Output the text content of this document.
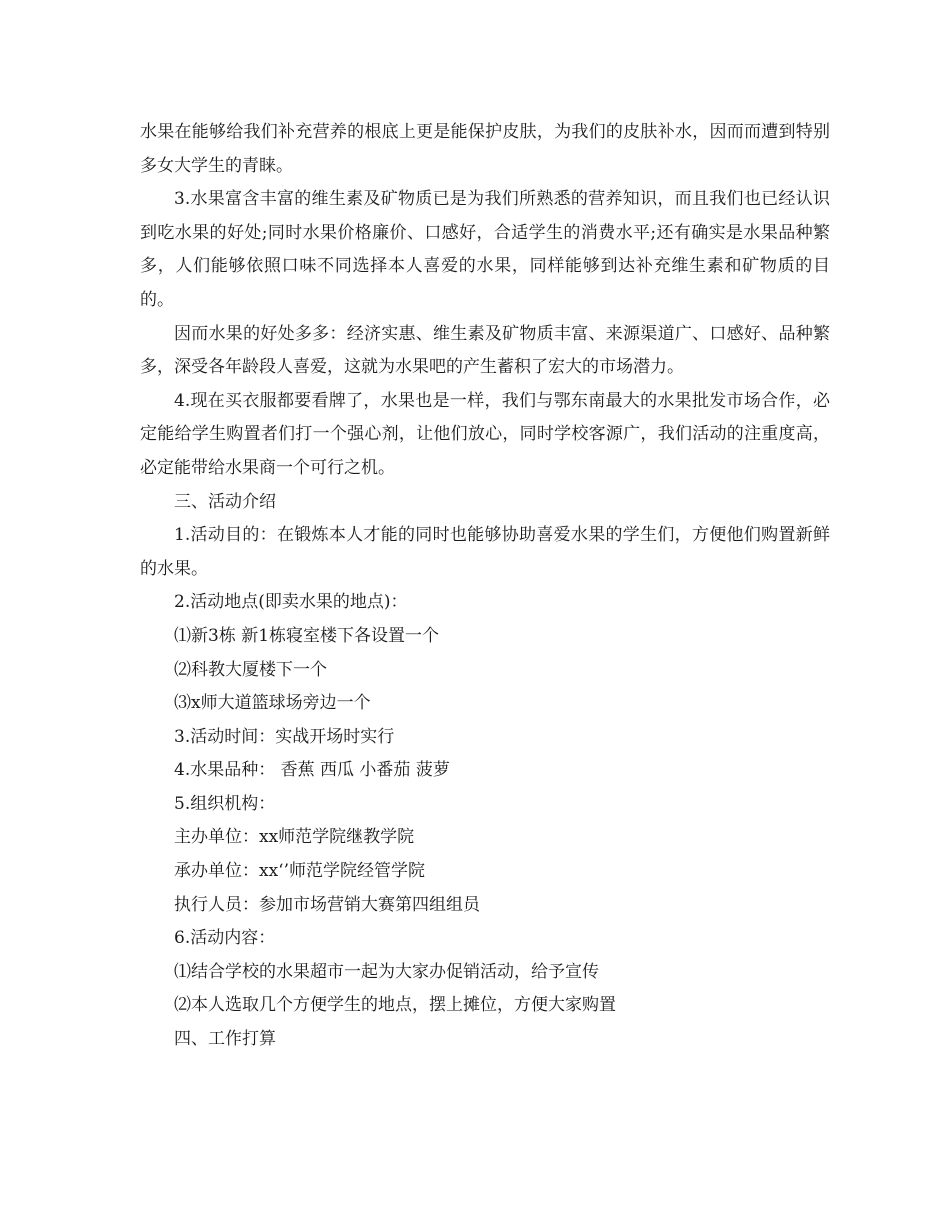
水果在能够给我们补充营养的根底上更是能保护皮肤，为我们的皮肤补水，因而而遭到特别多女大学生的青睐。

3.水果富含丰富的维生素及矿物质已是为我们所熟悉的营养知识，而且我们也已经认识到吃水果的好处;同时水果价格廉价、口感好，合适学生的消费水平;还有确实是水果品种繁多，人们能够依照口味不同选择本人喜爱的水果，同样能够到达补充维生素和矿物质的目的。

因而水果的好处多多：经济实惠、维生素及矿物质丰富、来源渠道广、口感好、品种繁多，深受各年龄段人喜爱，这就为水果吧的产生蓄积了宏大的市场潜力。

4.现在买衣服都要看牌了，水果也是一样，我们与鄂东南最大的水果批发市场合作，必定能给学生购置者们打一个强心剂，让他们放心，同时学校客源广，我们活动的注重度高，必定能带给水果商一个可行之机。

三、活动介绍

1.活动目的：在锻炼本人才能的同时也能够协助喜爱水果的学生们，方便他们购置新鲜的水果。

2.活动地点(即卖水果的地点)：

⑴新3栋 新1栋寝室楼下各设置一个

⑵科教大厦楼下一个

⑶x师大道篮球场旁边一个

3.活动时间：实战开场时实行

4.水果品种： 香蕉 西瓜 小番茄 菠萝

5.组织机构：

主办单位：xx师范学院继教学院

承办单位：xx‘’师范学院经管学院

执行人员：参加市场营销大赛第四组组员

6.活动内容：

⑴结合学校的水果超市一起为大家办促销活动，给予宣传

⑵本人选取几个方便学生的地点，摆上摊位，方便大家购置

四、工作打算
